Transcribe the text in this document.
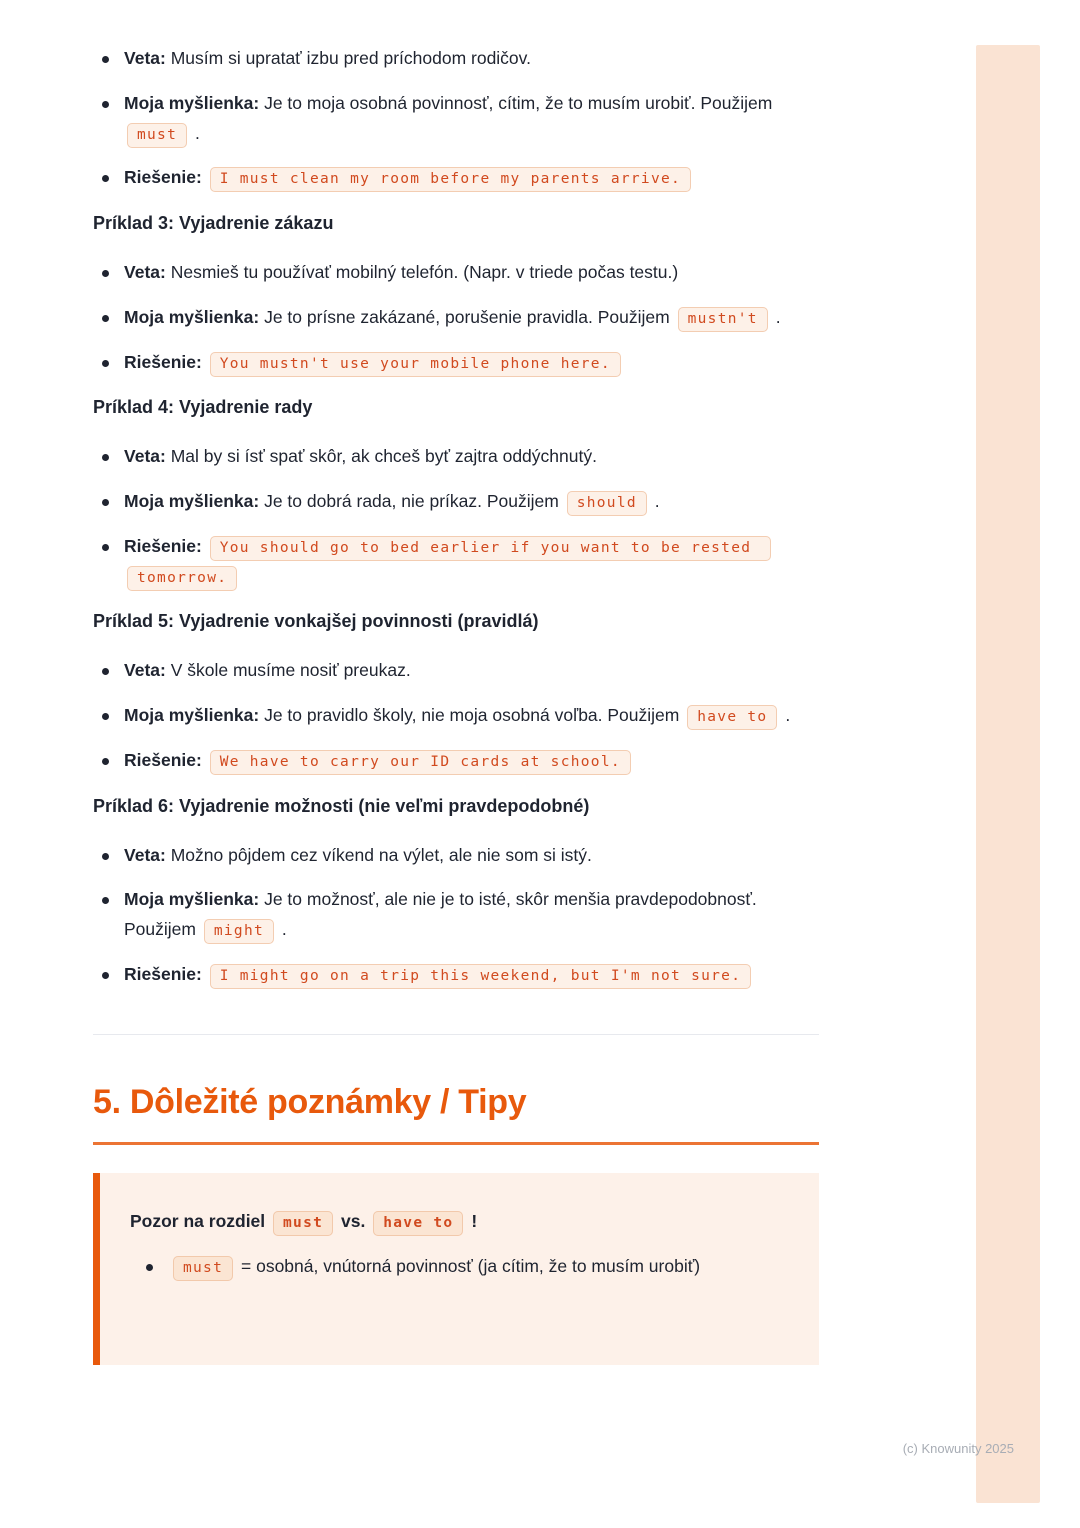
Veta: Musím si upratať izbu pred príchodom rodičov.
Moja myšlienka: Je to moja osobná povinnosť, cítim, že to musím urobiť. Použijem must .
Riešenie: I must clean my room before my parents arrive.
Príklad 3: Vyjadrenie zákazu
Veta: Nesmieš tu používať mobilný telefón. (Napr. v triede počas testu.)
Moja myšlienka: Je to prísne zakázané, porušenie pravidla. Použijem mustn't .
Riešenie: You mustn't use your mobile phone here.
Príklad 4: Vyjadrenie rady
Veta: Mal by si ísť spať skôr, ak chceš byť zajtra oddýchnutý.
Moja myšlienka: Je to dobrá rada, nie príkaz. Použijem should .
Riešenie: You should go to bed earlier if you want to be rested tomorrow.
Príklad 5: Vyjadrenie vonkajšej povinnosti (pravidlá)
Veta: V škole musíme nosiť preukaz.
Moja myšlienka: Je to pravidlo školy, nie moja osobná voľba. Použijem have to .
Riešenie: We have to carry our ID cards at school.
Príklad 6: Vyjadrenie možnosti (nie veľmi pravdepodobné)
Veta: Možno pôjdem cez víkend na výlet, ale nie som si istý.
Moja myšlienka: Je to možnosť, ale nie je to isté, skôr menšia pravdepodobnosť. Použijem might .
Riešenie: I might go on a trip this weekend, but I'm not sure.
5. Dôležité poznámky / Tipy

Pozor na rozdiel must vs. have to !

must = osobná, vnútorná povinnosť (ja cítim, že to musím urobiť)
(c) Knowunity 2025
